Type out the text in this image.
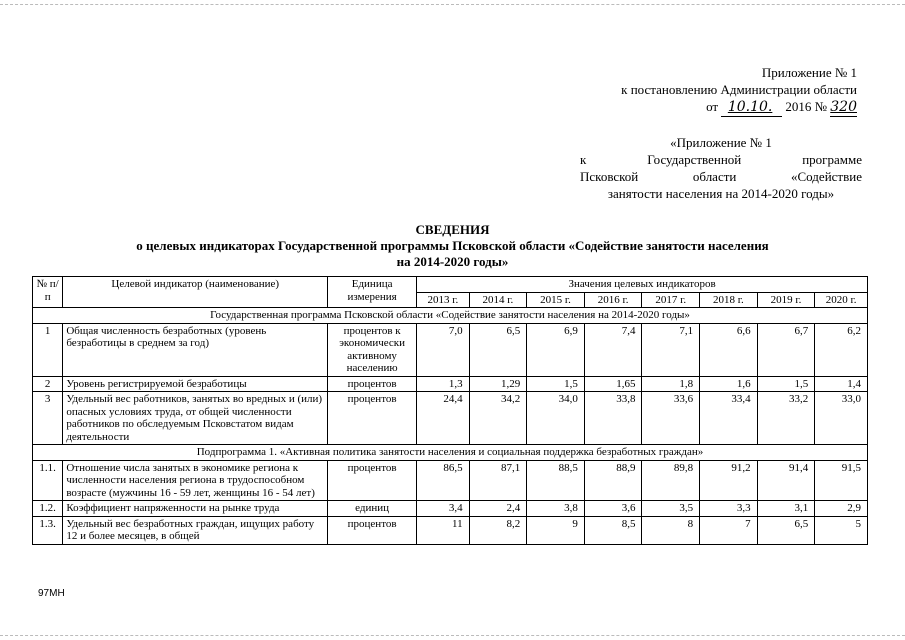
Приложение № 1
к постановлению Администрации области
от 10.10. 2016 № 320
«Приложение № 1
к	Государственной	программе
Псковской	области	«Содействие
занятости населения на 2014-2020 годы»
СВЕДЕНИЯ
о целевых индикаторах Государственной программы Псковской области «Содействие занятости населения
на 2014-2020 годы»
№ п/п	Целевой индикатор (наименование)	Единица измерения	Значения целевых индикаторов							
			2013 г.	2014 г.	2015 г.	2016 г.	2017 г.	2018 г.	2019 г.	2020 г.
Государственная программа Псковской области «Содействие занятости населения на 2014-2020 годы»										
1	Общая численность безработных (уровень безработицы в среднем за год)	процентов к экономически активному населению	7,0	6,5	6,9	7,4	7,1	6,6	6,7	6,2
2	Уровень регистрируемой безработицы	процентов	1,3	1,29	1,5	1,65	1,8	1,6	1,5	1,4
3	Удельный вес работников, занятых во вредных и (или) опасных условиях труда, от общей численности работников по обследуемым Псковстатом видам деятельности	процентов	24,4	34,2	34,0	33,8	33,6	33,4	33,2	33,0
Подпрограмма 1. «Активная политика занятости населения и социальная поддержка безработных граждан»										
1.1.	Отношение числа занятых в экономике региона к численности населения региона в трудоспособном возрасте (мужчины 16 - 59 лет, женщины 16 - 54 лет)	процентов	86,5	87,1	88,5	88,9	89,8	91,2	91,4	91,5
1.2.	Коэффициент напряженности на рынке труда	единиц	3,4	2,4	3,8	3,6	3,5	3,3	3,1	2,9
1.3.	Удельный вес безработных граждан, ищущих работу 12 и более месяцев, в общей	процентов	11	8,2	9	8,5	8	7	6,5	5
97МН
